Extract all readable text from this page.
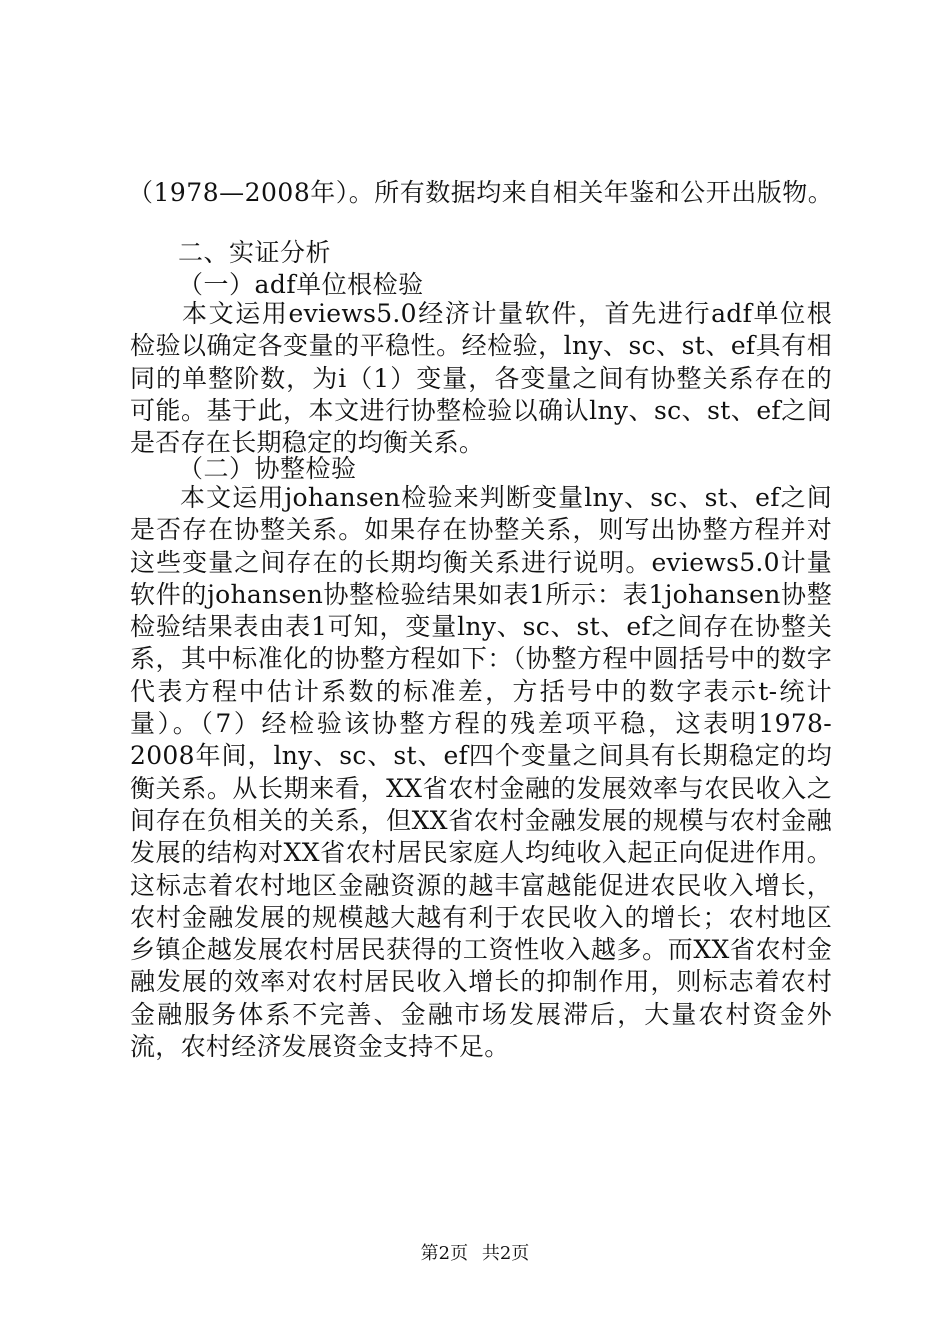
（1978—2008年）。所有数据均来自相关年鉴和公开出版物。

二、实证分析

（一）adf单位根检验

本文运用eviews5.0经济计量软件，首先进行adf单位根检验以确定各变量的平稳性。经检验，lny、sc、st、ef具有相同的单整阶数，为i（1）变量，各变量之间有协整关系存在的可能。基于此，本文进行协整检验以确认lny、sc、st、ef之间是否存在长期稳定的均衡关系。

（二）协整检验

本文运用johansen检验来判断变量lny、sc、st、ef之间是否存在协整关系。如果存在协整关系，则写出协整方程并对这些变量之间存在的长期均衡关系进行说明。eviews5.0计量软件的johansen协整检验结果如表1所示：表1johansen协整检验结果表由表1可知，变量lny、sc、st、ef之间存在协整关系，其中标准化的协整方程如下：（协整方程中圆括号中的数字代表方程中估计系数的标准差，方括号中的数字表示t-统计量）。（7）经检验该协整方程的残差项平稳，这表明1978-2008年间，lny、sc、st、ef四个变量之间具有长期稳定的均衡关系。从长期来看，XX省农村金融的发展效率与农民收入之间存在负相关的关系，但XX省农村金融发展的规模与农村金融发展的结构对XX省农村居民家庭人均纯收入起正向促进作用。这标志着农村地区金融资源的越丰富越能促进农民收入增长，农村金融发展的规模越大越有利于农民收入的增长；农村地区乡镇企越发展农村居民获得的工资性收入越多。而XX省农村金融发展的效率对农村居民收入增长的抑制作用，则标志着农村金融服务体系不完善、金融市场发展滞后，大量农村资金外流，农村经济发展资金支持不足。

第2页 共2页
